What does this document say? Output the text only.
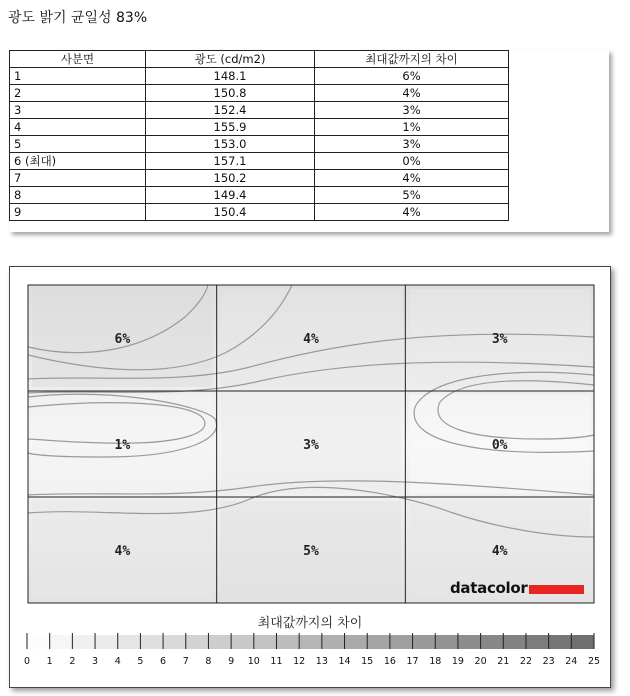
광도 밝기 균일성 83%
사분면	광도 (cd/m2)	최대값까지의 차이
1	148.1	6%
2	150.8	4%
3	152.4	3%
4	155.9	1%
5	153.0	3%
6 (최대)	157.1	0%
7	150.2	4%
8	149.4	5%
9	150.4	4%
6%	4%	3%
1%	3%	0%
4%	5%	4%
datacolor
최대값까지의 차이
0 1 2 3 4 5 6 7 8 9 10 11 12 13 14 15 16 17 18 19 20 21 22 23 24 25
